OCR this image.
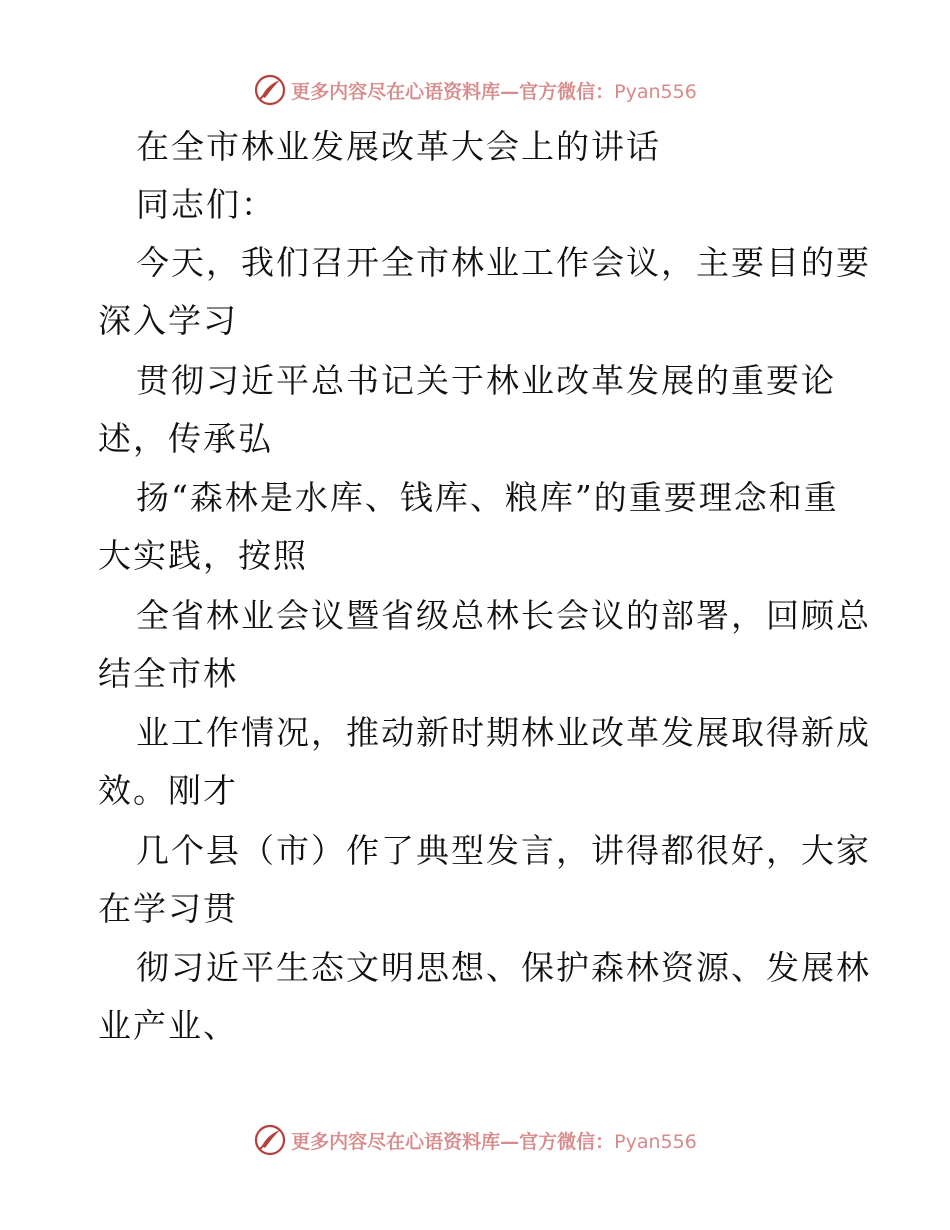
更多内容尽在心语资料库—官方微信：Pyan556
在全市林业发展改革大会上的讲话
同志们：
今天，我们召开全市林业工作会议，主要目的要
深入学习
贯彻习近平总书记关于林业改革发展的重要论
述，传承弘
扬“森林是水库、钱库、粮库”的重要理念和重
大实践，按照
全省林业会议暨省级总林长会议的部署，回顾总
结全市林
业工作情况，推动新时期林业改革发展取得新成
效。刚才
几个县（市）作了典型发言，讲得都很好，大家
在学习贯
彻习近平生态文明思想、保护森林资源、发展林
业产业、
更多内容尽在心语资料库—官方微信：Pyan556
